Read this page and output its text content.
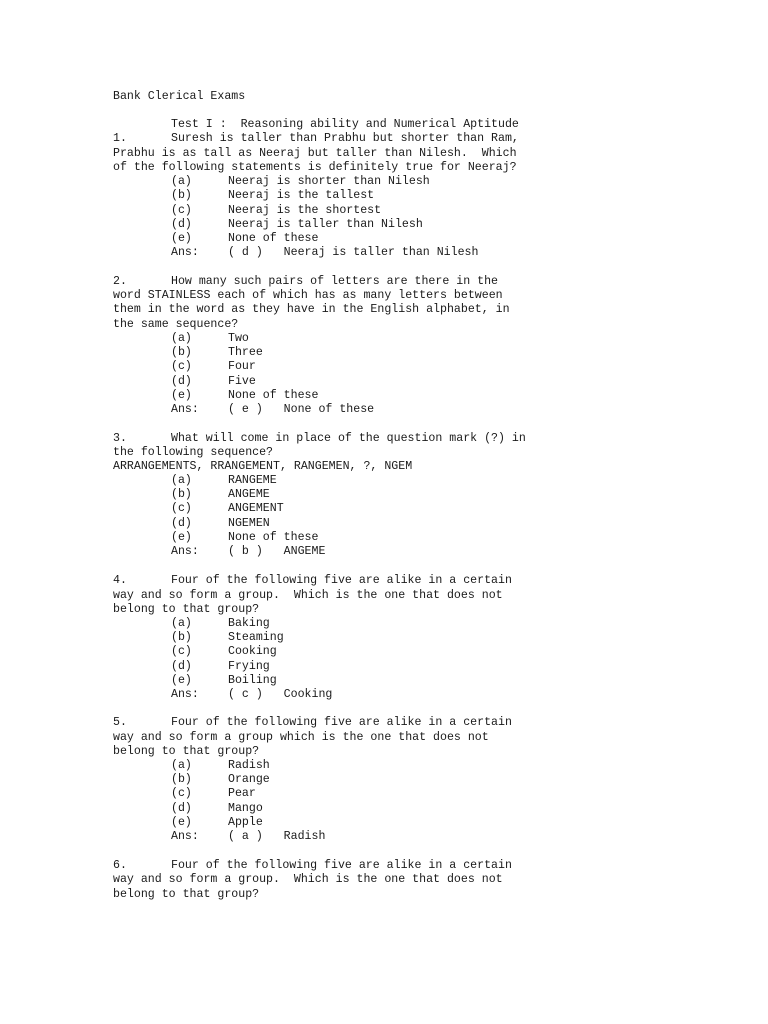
Bank Clerical Exams
Test I :  Reasoning ability and Numerical Aptitude
1.	Suresh is taller than Prabhu but shorter than Ram,
Prabhu is as tall as Neeraj but taller than Nilesh.  Which
of the following statements is definitely true for Neeraj?
(a)	Neeraj is shorter than Nilesh
(b)	Neeraj is the tallest
(c)	Neeraj is the shortest
(d)	Neeraj is taller than Nilesh
(e)	None of these
Ans:	( d )   Neeraj is taller than Nilesh
2.	How many such pairs of letters are there in the
word STAINLESS each of which has as many letters between
them in the word as they have in the English alphabet, in
the same sequence?
(a)	Two
(b)	Three
(c)	Four
(d)	Five
(e)	None of these
Ans:	( e )   None of these
3.	What will come in place of the question mark (?) in
the following sequence?
ARRANGEMENTS, RRANGEMENT, RANGEMEN, ?, NGEM
(a)	RANGEME
(b)	ANGEME
(c)	ANGEMENT
(d)	NGEMEN
(e)	None of these
Ans:	( b )   ANGEME
4.	Four of the following five are alike in a certain
way and so form a group.  Which is the one that does not
belong to that group?
(a)	Baking
(b)	Steaming
(c)	Cooking
(d)	Frying
(e)	Boiling
Ans:	( c )   Cooking
5.	Four of the following five are alike in a certain
way and so form a group which is the one that does not
belong to that group?
(a)	Radish
(b)	Orange
(c)	Pear
(d)	Mango
(e)	Apple
Ans:	( a )   Radish
6.	Four of the following five are alike in a certain
way and so form a group.  Which is the one that does not
belong to that group?
